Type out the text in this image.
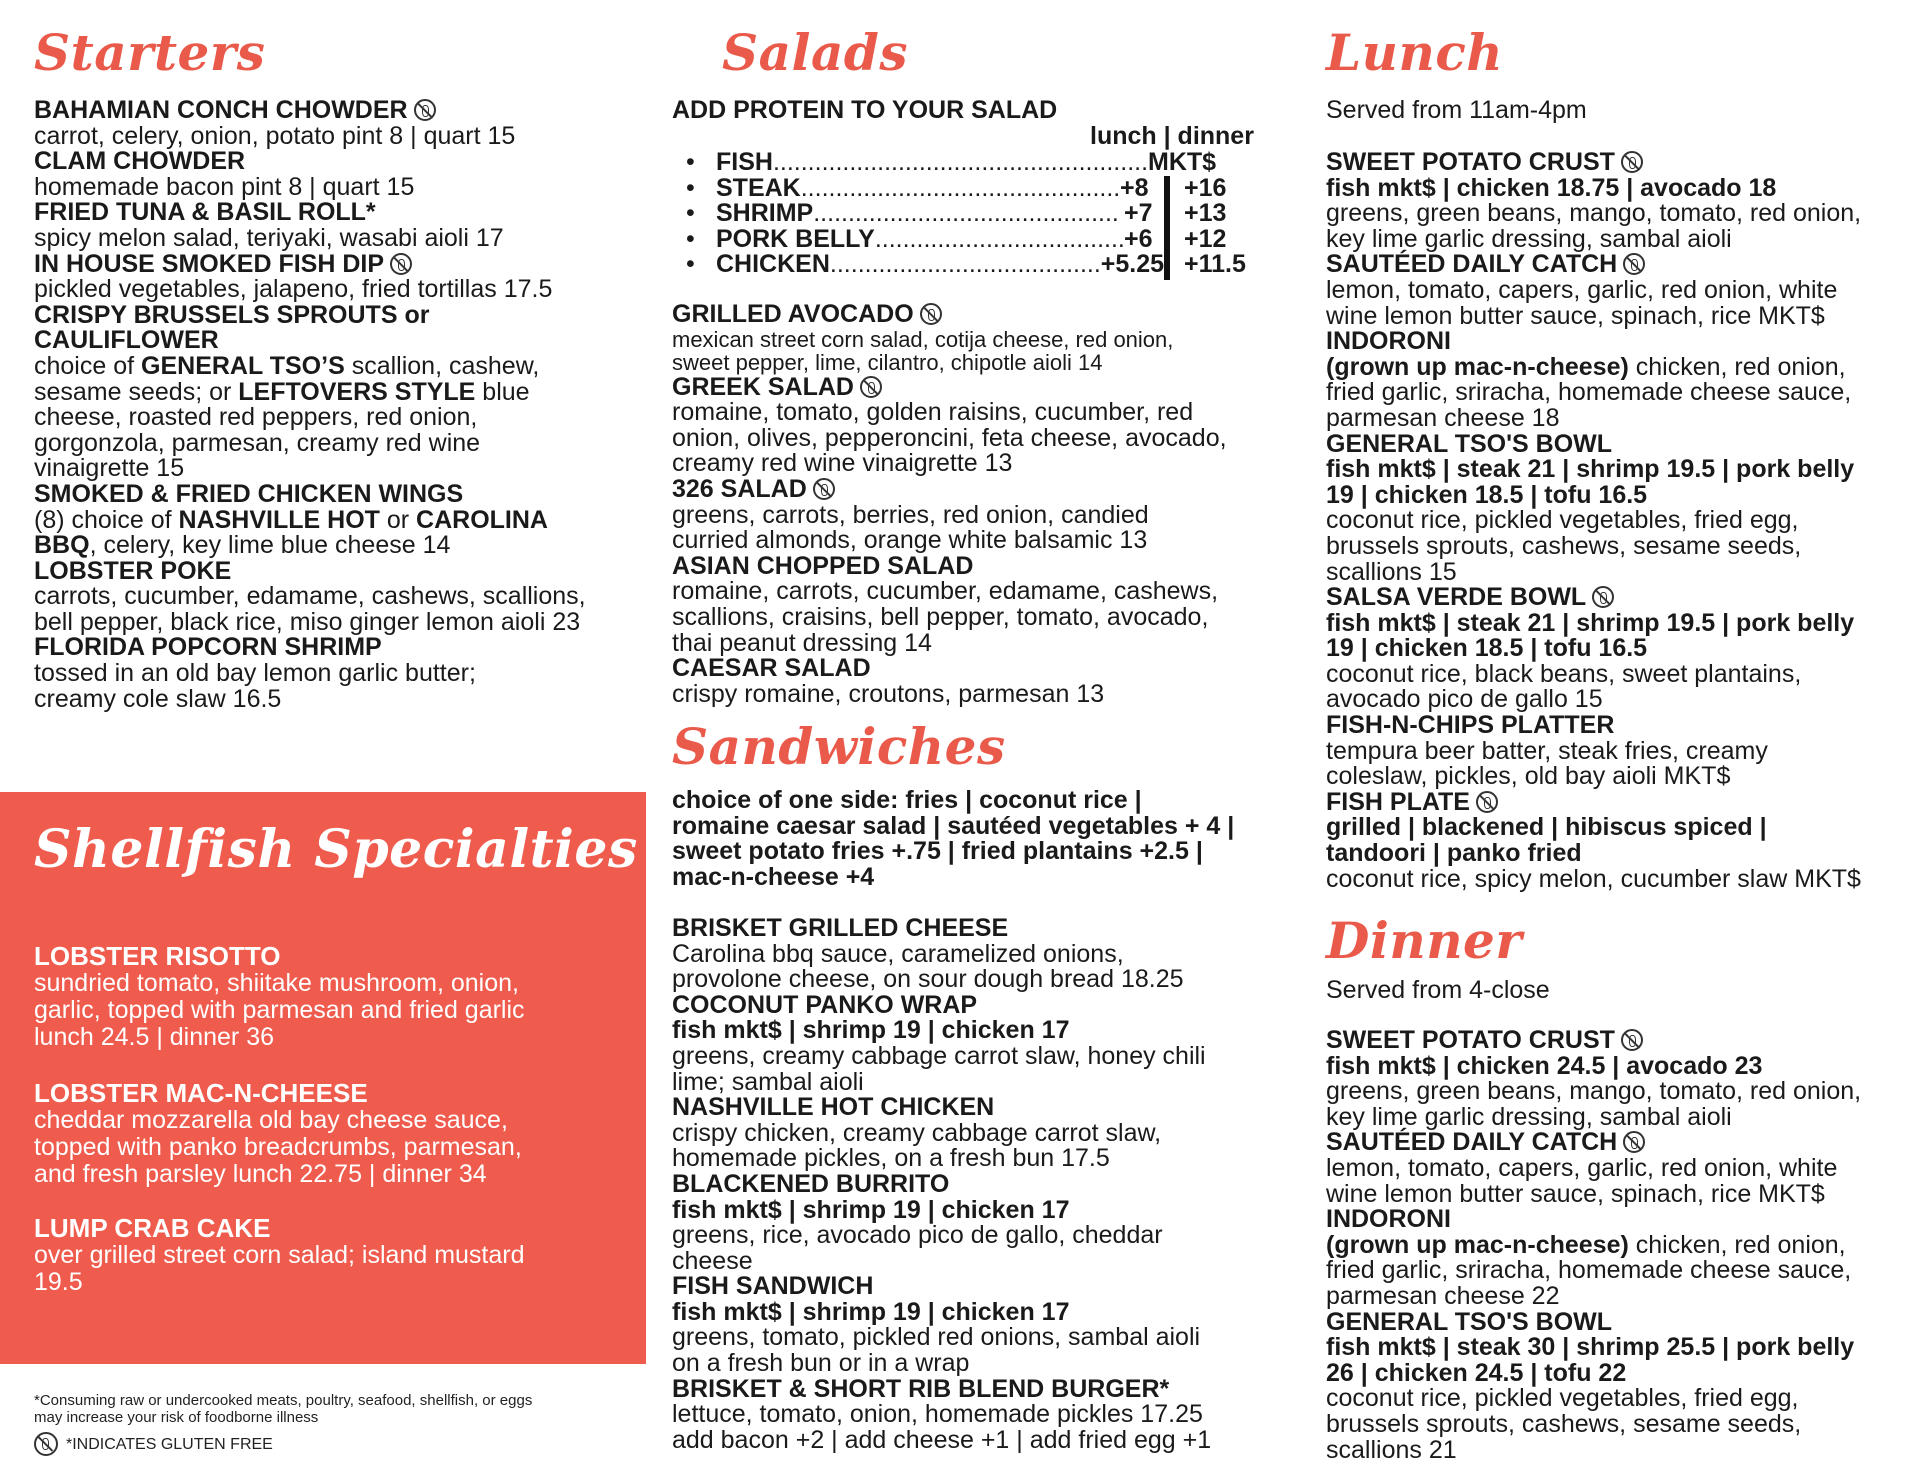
Starters
BAHAMIAN CONCH CHOWDER
carrot, celery, onion, potato pint 8 | quart 15
CLAM CHOWDER
homemade bacon pint 8 | quart 15
FRIED TUNA & BASIL ROLL*
spicy melon salad, teriyaki, wasabi aioli 17
IN HOUSE SMOKED FISH DIP
pickled vegetables, jalapeno, fried tortillas 17.5
CRISPY BRUSSELS SPROUTS or
CAULIFLOWER
choice of GENERAL TSO’S scallion, cashew,
sesame seeds; or LEFTOVERS STYLE blue
cheese, roasted red peppers, red onion,
gorgonzola, parmesan, creamy red wine
vinaigrette 15
SMOKED & FRIED CHICKEN WINGS
(8) choice of NASHVILLE HOT or CAROLINA
BBQ, celery, key lime blue cheese 14
LOBSTER POKE
carrots, cucumber, edamame, cashews, scallions,
bell pepper, black rice, miso ginger lemon aioli 23
FLORIDA POPCORN SHRIMP
tossed in an old bay lemon garlic butter;
creamy cole slaw 16.5
Shellfish Specialties
LOBSTER RISOTTO
sundried tomato, shiitake mushroom, onion,
garlic, topped with parmesan and fried garlic
lunch 24.5 | dinner 36
LOBSTER MAC-N-CHEESE
cheddar mozzarella old bay cheese sauce,
topped with panko breadcrumbs, parmesan,
and fresh parsley lunch 22.75 | dinner 34
LUMP CRAB CAKE
over grilled street corn salad; island mustard
19.5
*Consuming raw or undercooked meats, poultry, seafood, shellfish, or eggs
may increase your risk of foodborne illness
*INDICATES GLUTEN FREE
Salads
ADD PROTEIN TO YOUR SALAD
lunch | dinner
• FISH......................................................MKT$
• STEAK.............................................. +8 +16
• SHRIMP............................................ +7 +13
• PORK BELLY.................................... +6 +12
• CHICKEN.......................................+5.25 +11.5
GRILLED AVOCADO
mexican street corn salad, cotija cheese, red onion,
sweet pepper, lime, cilantro, chipotle aioli 14
GREEK SALAD
romaine, tomato, golden raisins, cucumber, red
onion, olives, pepperoncini, feta cheese, avocado,
creamy red wine vinaigrette 13
326 SALAD
greens, carrots, berries, red onion, candied
curried almonds, orange white balsamic 13
ASIAN CHOPPED SALAD
romaine, carrots, cucumber, edamame, cashews,
scallions, craisins, bell pepper, tomato, avocado,
thai peanut dressing 14
CAESAR SALAD
crispy romaine, croutons, parmesan 13
Sandwiches
choice of one side: fries | coconut rice |
romaine caesar salad | sautéed vegetables + 4 |
sweet potato fries +.75 | fried plantains +2.5 |
mac-n-cheese +4
BRISKET GRILLED CHEESE
Carolina bbq sauce, caramelized onions,
provolone cheese, on sour dough bread 18.25
COCONUT PANKO WRAP
fish mkt$ | shrimp 19 | chicken 17
greens, creamy cabbage carrot slaw, honey chili
lime; sambal aioli
NASHVILLE HOT CHICKEN
crispy chicken, creamy cabbage carrot slaw,
homemade pickles, on a fresh bun 17.5
BLACKENED BURRITO
fish mkt$ | shrimp 19 | chicken 17
greens, rice, avocado pico de gallo, cheddar
cheese
FISH SANDWICH
fish mkt$ | shrimp 19 | chicken 17
greens, tomato, pickled red onions, sambal aioli
on a fresh bun or in a wrap
BRISKET & SHORT RIB BLEND BURGER*
lettuce, tomato, onion, homemade pickles 17.25
add bacon +2 | add cheese +1 | add fried egg +1
Lunch
Served from 11am-4pm
SWEET POTATO CRUST
fish mkt$ | chicken 18.75 | avocado 18
greens, green beans, mango, tomato, red onion,
key lime garlic dressing, sambal aioli
SAUTÉED DAILY CATCH
lemon, tomato, capers, garlic, red onion, white
wine lemon butter sauce, spinach, rice MKT$
INDORONI
(grown up mac-n-cheese) chicken, red onion,
fried garlic, sriracha, homemade cheese sauce,
parmesan cheese 18
GENERAL TSO'S BOWL
fish mkt$ | steak 21 | shrimp 19.5 | pork belly
19 | chicken 18.5 | tofu 16.5
coconut rice, pickled vegetables, fried egg,
brussels sprouts, cashews, sesame seeds,
scallions 15
SALSA VERDE BOWL
fish mkt$ | steak 21 | shrimp 19.5 | pork belly
19 | chicken 18.5 | tofu 16.5
coconut rice, black beans, sweet plantains,
avocado pico de gallo 15
FISH-N-CHIPS PLATTER
tempura beer batter, steak fries, creamy
coleslaw, pickles, old bay aioli MKT$
FISH PLATE
grilled | blackened | hibiscus spiced |
tandoori | panko fried
coconut rice, spicy melon, cucumber slaw MKT$
Dinner
Served from 4-close
SWEET POTATO CRUST
fish mkt$ | chicken 24.5 | avocado 23
greens, green beans, mango, tomato, red onion,
key lime garlic dressing, sambal aioli
SAUTÉED DAILY CATCH
lemon, tomato, capers, garlic, red onion, white
wine lemon butter sauce, spinach, rice MKT$
INDORONI
(grown up mac-n-cheese) chicken, red onion,
fried garlic, sriracha, homemade cheese sauce,
parmesan cheese 22
GENERAL TSO'S BOWL
fish mkt$ | steak 30 | shrimp 25.5 | pork belly
26 | chicken 24.5 | tofu 22
coconut rice, pickled vegetables, fried egg,
brussels sprouts, cashews, sesame seeds,
scallions 21
